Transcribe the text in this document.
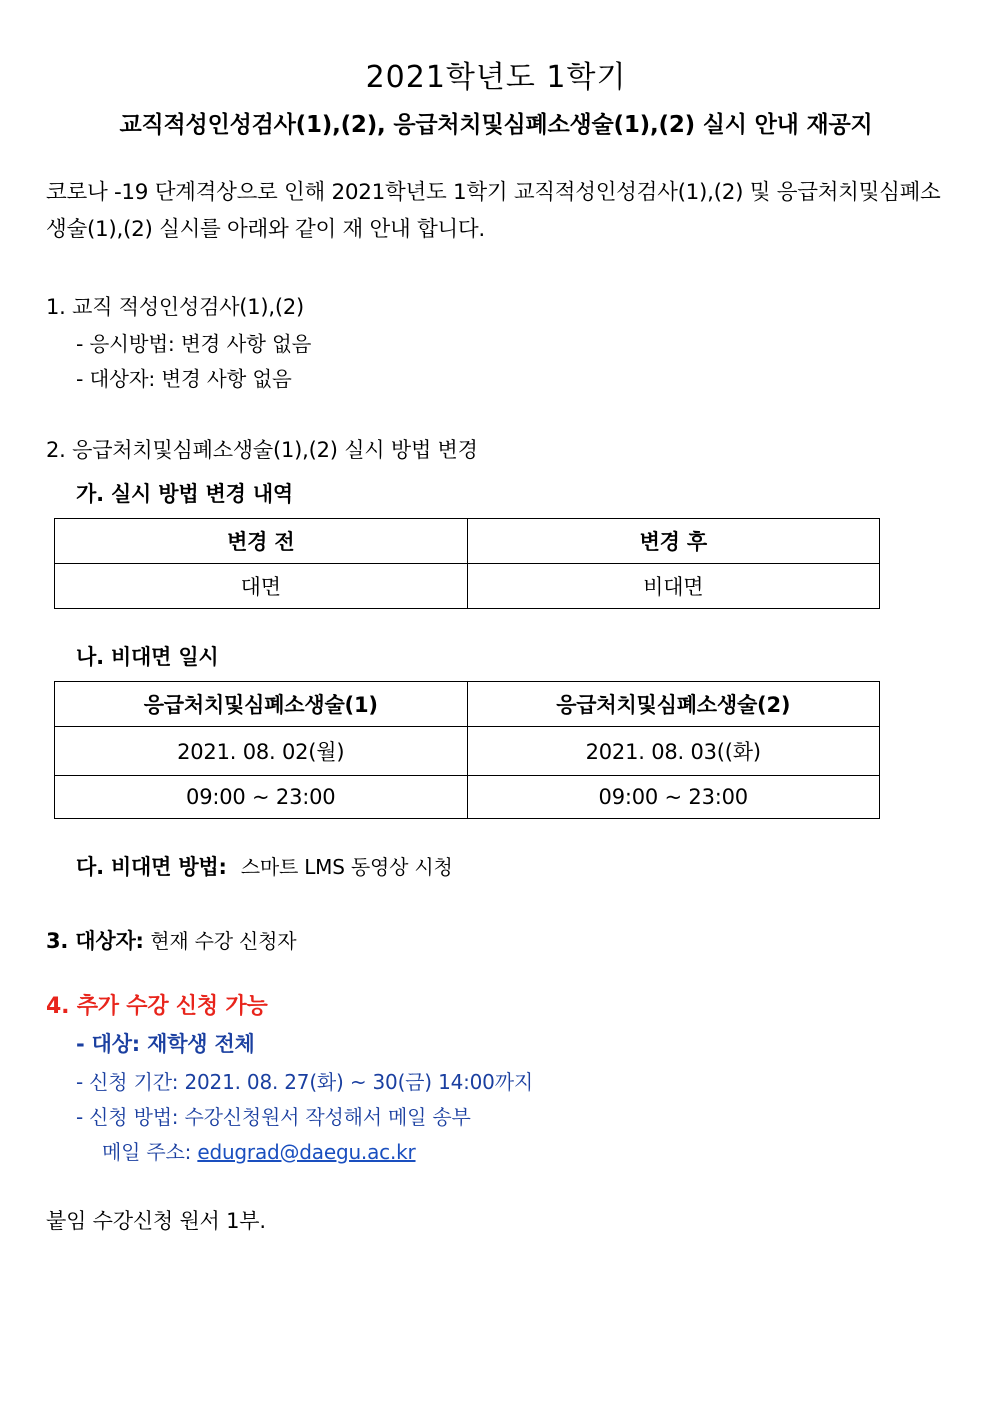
2021학년도 1학기
교직적성인성검사(1),(2), 응급처치및심폐소생술(1),(2) 실시 안내 재공지

코로나 -19 단계격상으로 인해 2021학년도 1학기 교직적성인성검사(1),(2) 및 응급처치및심폐소생술(1),(2) 실시를 아래와 같이 재 안내 합니다.

1. 교직 적성인성검사(1),(2)

- 응시방법: 변경 사항 없음

- 대상자: 변경 사항 없음

2. 응급처치및심폐소생술(1),(2) 실시 방법 변경

가. 실시 방법 변경 내역

변경 전	변경 후
대면	비대면

나. 비대면 일시

응급처치및심폐소생술(1)	응급처치및심폐소생술(2)
2021. 08. 02(월)	2021. 08. 03((화)
09:00 ~ 23:00	09:00 ~ 23:00

다. 비대면 방법: 스마트 LMS 동영상 시청

3. 대상자: 현재 수강 신청자

4. 추가 수강 신청 가능

- 대상: 재학생 전체

- 신청 기간: 2021. 08. 27(화) ~ 30(금) 14:00까지

- 신청 방법: 수강신청원서 작성해서 메일 송부

메일 주소: edugrad@daegu.ac.kr

붙임 수강신청 원서 1부.
